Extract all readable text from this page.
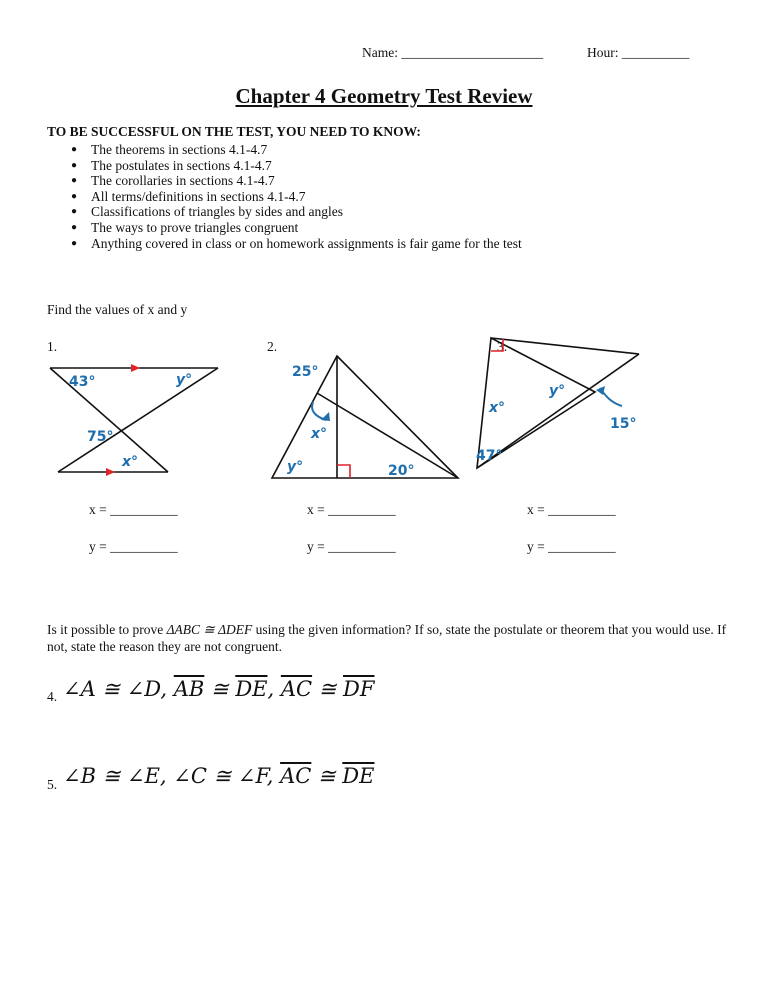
Name: _____________________	Hour: __________
Chapter 4 Geometry Test Review
TO BE SUCCESSFUL ON THE TEST, YOU NEED TO KNOW:
● The theorems in sections 4.1-4.7
● The postulates in sections 4.1-4.7
● The corollaries in sections 4.1-4.7
● All terms/definitions in sections 4.1-4.7
● Classifications of triangles by sides and angles
● The ways to prove triangles congruent
● Anything covered in class or on homework assignments is fair game for the test
Find the values of x and y
1.	2.	3.
43°	y°
75°
x°
25°
x°
y°	20°
y°
x°
15°
47°
x = __________
y = __________
x = __________
y = __________
x = __________
y = __________
Is it possible to prove ΔABC ≅ ΔDEF using the given information? If so, state the postulate or theorem that you would use. If not, state the reason they are not congruent.
4. ∠A ≅ ∠D, $\overline{AB}$ ≅ $\overline{DE}$, $\overline{AC}$ ≅ $\overline{DF}$
5. ∠B ≅ ∠E, ∠C ≅ ∠F, $\overline{AC}$ ≅ $\overline{DE}$
